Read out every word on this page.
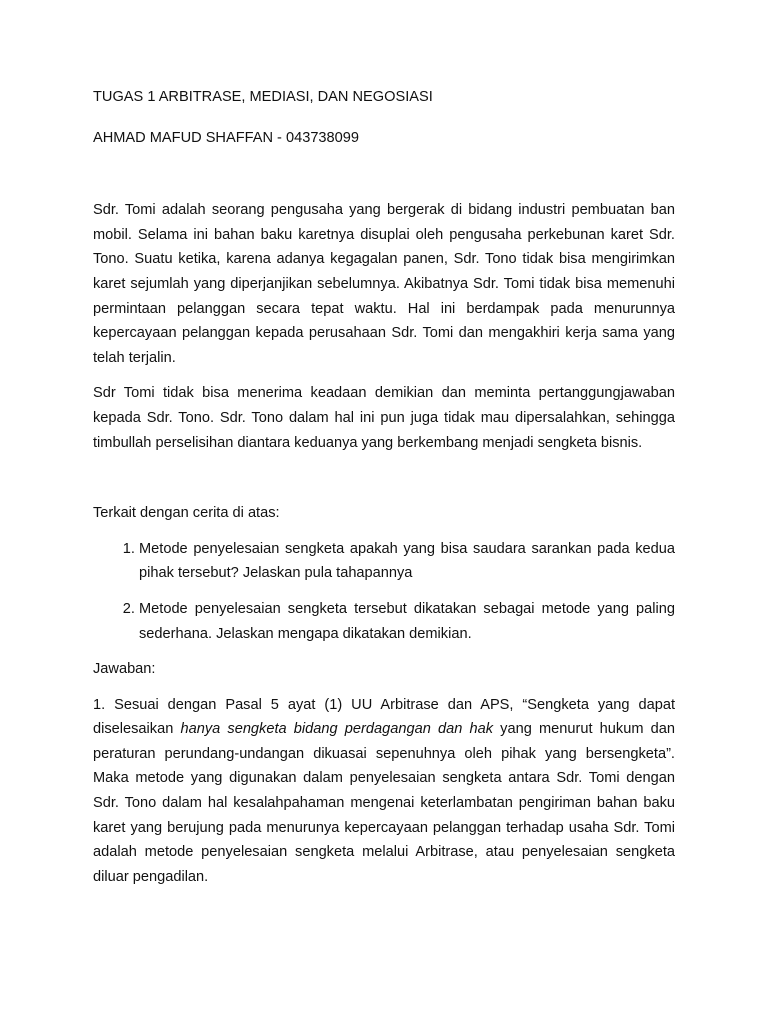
TUGAS 1 ARBITRASE, MEDIASI, DAN NEGOSIASI

AHMAD MAFUD SHAFFAN - 043738099

Sdr. Tomi adalah seorang pengusaha yang bergerak di bidang industri pembuatan ban mobil. Selama ini bahan baku karetnya disuplai oleh pengusaha perkebunan karet Sdr. Tono. Suatu ketika, karena adanya kegagalan panen, Sdr. Tono tidak bisa mengirimkan karet sejumlah yang diperjanjikan sebelumnya. Akibatnya Sdr. Tomi tidak bisa memenuhi permintaan pelanggan secara tepat waktu. Hal ini berdampak pada menurunnya kepercayaan pelanggan kepada perusahaan Sdr. Tomi dan mengakhiri kerja sama yang telah terjalin.

Sdr Tomi tidak bisa menerima keadaan demikian dan meminta pertanggungjawaban kepada Sdr. Tono. Sdr. Tono dalam hal ini pun juga tidak mau dipersalahkan, sehingga timbullah perselisihan diantara keduanya yang berkembang menjadi sengketa bisnis.

Terkait dengan cerita di atas:

1. Metode penyelesaian sengketa apakah yang bisa saudara sarankan pada kedua pihak tersebut? Jelaskan pula tahapannya
2. Metode penyelesaian sengketa tersebut dikatakan sebagai metode yang paling sederhana. Jelaskan mengapa dikatakan demikian.

Jawaban:

1. Sesuai dengan Pasal 5 ayat (1) UU Arbitrase dan APS, “Sengketa yang dapat diselesaikan hanya sengketa bidang perdagangan dan hak yang menurut hukum dan peraturan perundang-undangan dikuasai sepenuhnya oleh pihak yang bersengketa”. Maka metode yang digunakan dalam penyelesaian sengketa antara Sdr. Tomi dengan Sdr. Tono dalam hal kesalahpahaman mengenai keterlambatan pengiriman bahan baku karet yang berujung pada menurunya kepercayaan pelanggan terhadap usaha Sdr. Tomi adalah metode penyelesaian sengketa melalui Arbitrase, atau penyelesaian sengketa diluar pengadilan.
